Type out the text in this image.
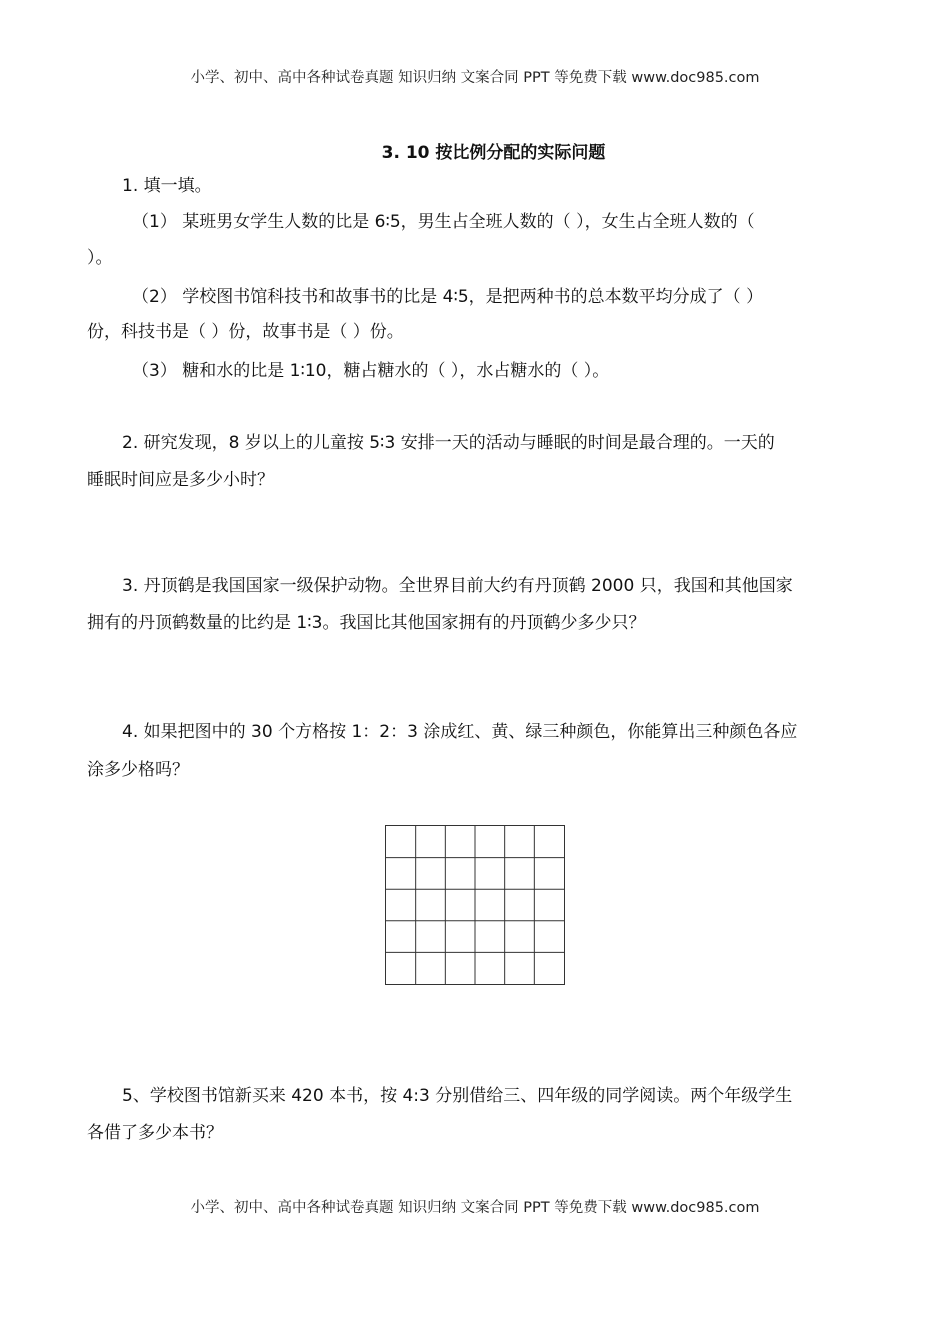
小学、初中、高中各种试卷真题 知识归纳 文案合同 PPT 等免费下载 www.doc985.com
3. 10 按比例分配的实际问题
1. 填一填。
（1） 某班男女学生人数的比是 6∶5，男生占全班人数的（ ），女生占全班人数的（
）。
（2） 学校图书馆科技书和故事书的比是 4∶5，是把两种书的总本数平均分成了（ ）
份，科技书是（ ）份，故事书是（ ）份。
（3） 糖和水的比是 1∶10，糖占糖水的（ ），水占糖水的（ ）。
2. 研究发现，8 岁以上的儿童按 5∶3 安排一天的活动与睡眠的时间是最合理的。一天的
睡眠时间应是多少小时？
3. 丹顶鹤是我国国家一级保护动物。全世界目前大约有丹顶鹤 2000 只，我国和其他国家
拥有的丹顶鹤数量的比约是 1∶3。我国比其他国家拥有的丹顶鹤少多少只？
4. 如果把图中的 30 个方格按 1：2：3 涂成红、黄、绿三种颜色，你能算出三种颜色各应
涂多少格吗？
5、学校图书馆新买来 420 本书，按 4:3 分别借给三、四年级的同学阅读。两个年级学生
各借了多少本书？
小学、初中、高中各种试卷真题 知识归纳 文案合同 PPT 等免费下载 www.doc985.com
